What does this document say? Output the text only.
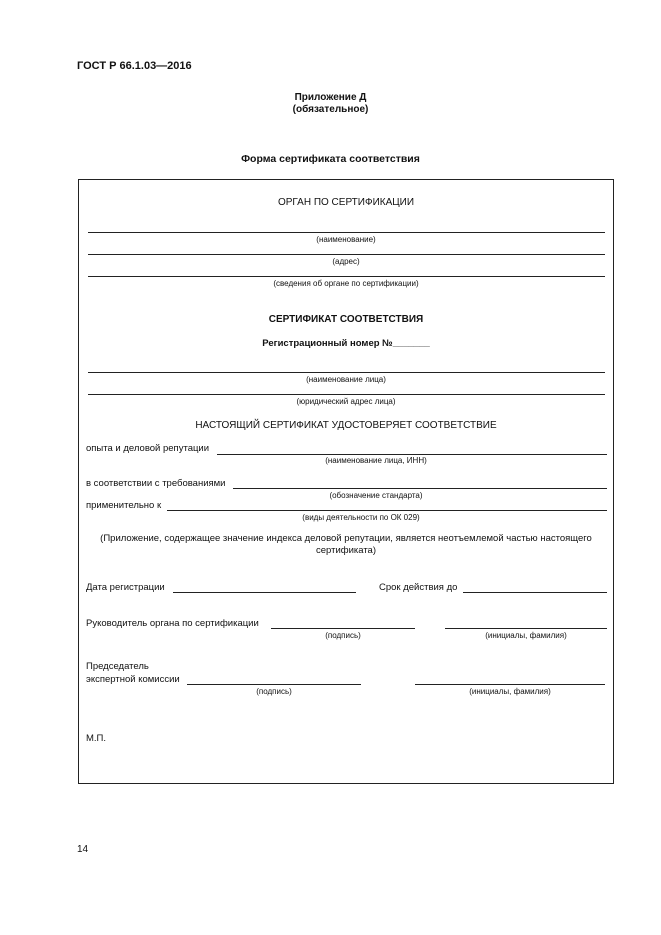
ГОСТ Р 66.1.03—2016
Приложение Д
(обязательное)
Форма сертификата соответствия
ОРГАН ПО СЕРТИФИКАЦИИ
(наименование)
(адрес)
(сведения об органе по сертификации)
СЕРТИФИКАТ СООТВЕТСТВИЯ
Регистрационный номер №_______
(наименование лица)
(юридический адрес лица)
НАСТОЯЩИЙ СЕРТИФИКАТ УДОСТОВЕРЯЕТ СООТВЕТСТВИЕ
опыта и деловой репутации
(наименование лица, ИНН)
в соответствии с требованиями
(обозначение стандарта)
применительно к
(виды деятельности по ОК 029)
(Приложение, содержащее значение индекса деловой репутации, является неотъемлемой частью настоящего
сертификата)
Дата регистрации	Срок действия до
Руководитель органа по сертификации
(подпись)	(инициалы, фамилия)
Председатель
экспертной комиссии
(подпись)	(инициалы, фамилия)
М.П.
14
